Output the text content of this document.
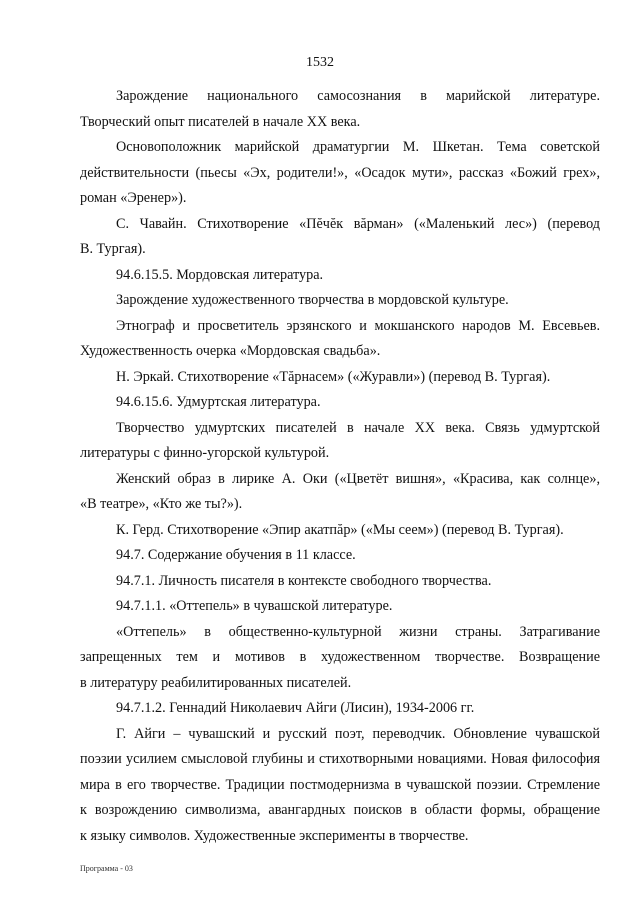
1532
Зарождение национального самосознания в марийской литературе.
Творческий опыт писателей в начале XX века.
Основоположник марийской драматургии М. Шкетан. Тема советской
действительности (пьесы «Эх, родители!», «Осадок мути», рассказ «Божий грех»,
роман «Эренер»).
С. Чавайн. Стихотворение «Пĕчĕк вăрман» («Маленький лес») (перевод
В. Тургая).
94.6.15.5. Мордовская литература.
Зарождение художественного творчества в мордовской культуре.
Этнограф и просветитель эрзянского и мокшанского народов М. Евсевьев.
Художественность очерка «Мордовская свадьба».
Н. Эркай. Стихотворение «Тăрнасем» («Журавли») (перевод В. Тургая).
94.6.15.6. Удмуртская литература.
Творчество удмуртских писателей в начале XX века. Связь удмуртской
литературы с финно-угорской культурой.
Женский образ в лирике А. Оки («Цветёт вишня», «Красива, как солнце»,
«В театре», «Кто же ты?»).
К. Герд. Стихотворение «Эпир акатпăр» («Мы сеем») (перевод В. Тургая).
94.7. Содержание обучения в 11 классе.
94.7.1. Личность писателя в контексте свободного творчества.
94.7.1.1. «Оттепель» в чувашской литературе.
«Оттепель» в общественно-культурной жизни страны. Затрагивание
запрещенных тем и мотивов в художественном творчестве. Возвращение
в литературу реабилитированных писателей.
94.7.1.2. Геннадий Николаевич Айги (Лисин), 1934-2006 гг.
Г. Айги – чувашский и русский поэт, переводчик. Обновление чувашской
поэзии усилием смысловой глубины и стихотворными новациями. Новая философия
мира в его творчестве. Традиции постмодернизма в чувашской поэзии. Стремление
к возрождению символизма, авангардных поисков в области формы, обращение
к языку символов. Художественные эксперименты в творчестве.
Программа - 03
